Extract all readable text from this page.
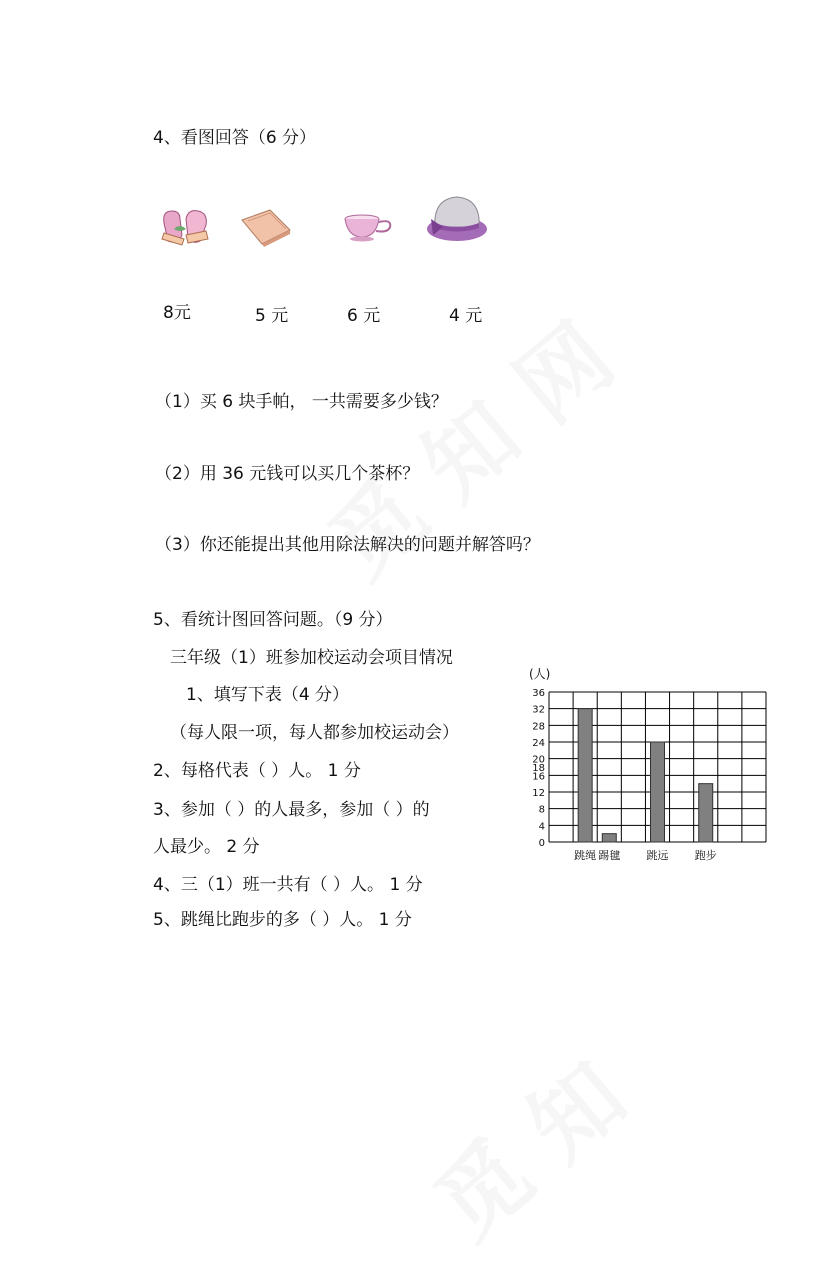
4、看图回答（6 分）
8元	5 元	6 元	4 元
（1）买 6 块手帕， 一共需要多少钱？
（2）用 36 元钱可以买几个茶杯？
（3）你还能提出其他用除法解决的问题并解答吗？
5、看统计图回答问题。（9 分）
三年级（1）班参加校运动会项目情况
1、填写下表（4 分）
（每人限一项，每人都参加校运动会）
2、每格代表（ ）人。 1 分
3、参加（ ）的人最多，参加（ ）的
人最少。 2 分
4、三（1）班一共有（ ）人。 1 分
5、跳绳比跑步的多（ ）人。 1 分
0
4
8
12
16
18
20
24
28
32
36
(人)
跳绳 踢毽 跳远 跑步
